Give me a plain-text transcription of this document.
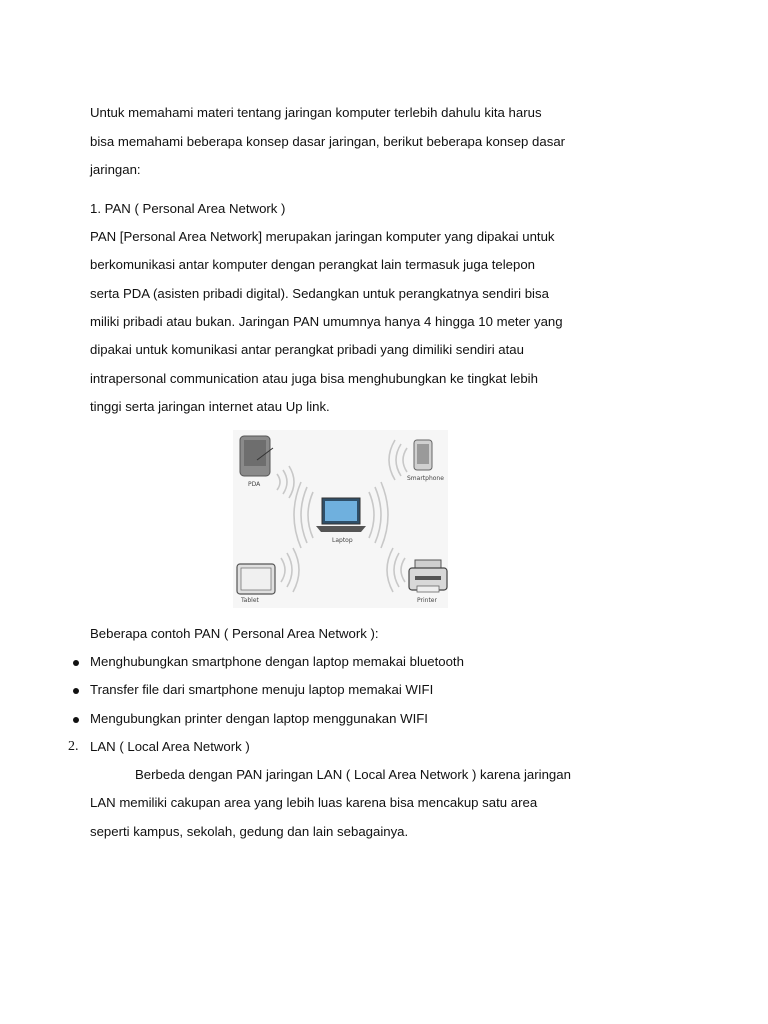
Untuk memahami materi tentang jaringan komputer terlebih dahulu kita harus
bisa memahami beberapa konsep dasar jaringan, berikut beberapa konsep dasar
jaringan:
1. PAN ( Personal Area Network )
PAN [Personal Area Network] merupakan jaringan komputer yang dipakai untuk
berkomunikasi antar komputer dengan perangkat lain termasuk juga telepon
serta PDA (asisten pribadi digital). Sedangkan untuk perangkatnya sendiri bisa
miliki pribadi atau bukan. Jaringan PAN umumnya hanya 4 hingga 10 meter yang
dipakai untuk komunikasi antar perangkat pribadi yang dimiliki sendiri atau
intrapersonal communication atau juga bisa menghubungkan ke tingkat lebih
tinggi serta jaringan internet atau Up link.
PDA
Smartphone
Laptop
Tablet	Printer
Beberapa contoh PAN ( Personal Area Network ):
Menghubungkan smartphone dengan laptop memakai bluetooth
Transfer file dari smartphone menuju laptop memakai WIFI
Mengubungkan printer dengan laptop menggunakan WIFI
2. LAN ( Local Area Network )
Berbeda dengan PAN jaringan LAN ( Local Area Network ) karena jaringan
LAN memiliki cakupan area yang lebih luas karena bisa mencakup satu area
seperti kampus, sekolah, gedung dan lain sebagainya.
